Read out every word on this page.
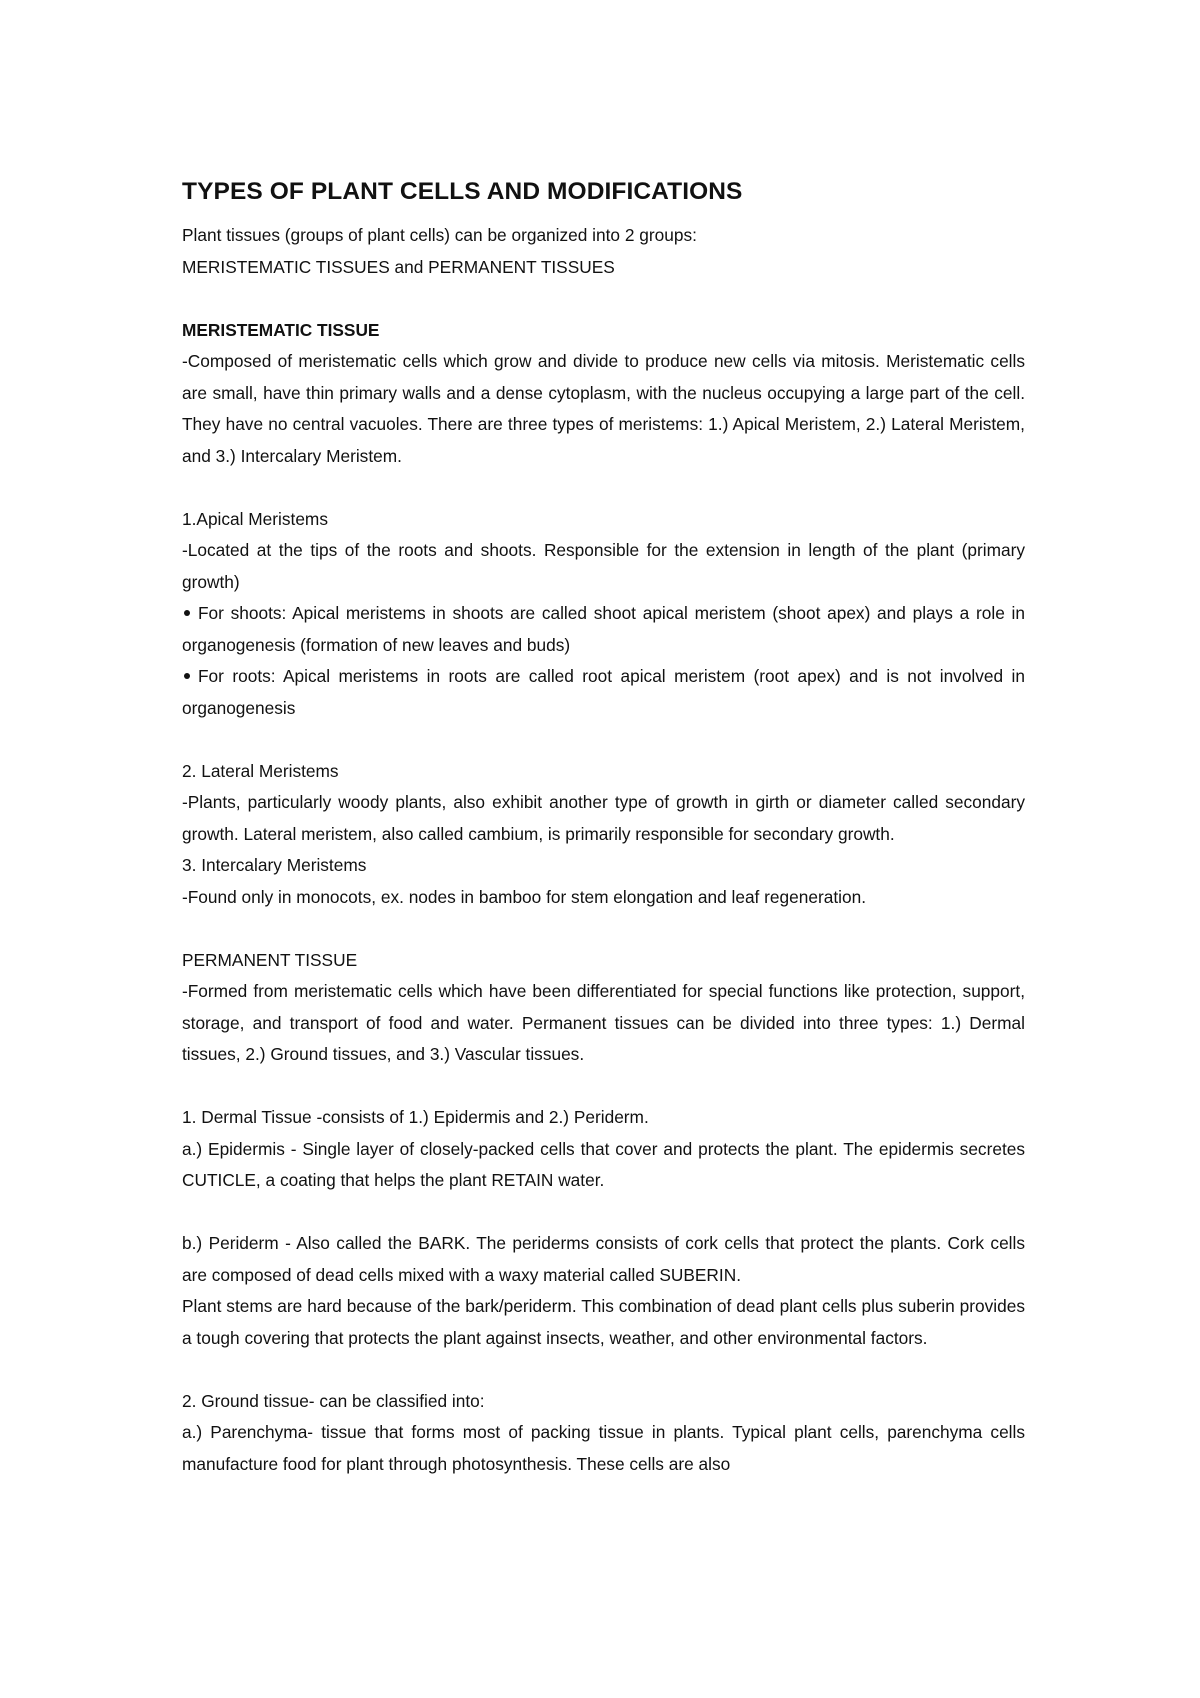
TYPES OF PLANT CELLS AND MODIFICATIONS

Plant tissues (groups of plant cells) can be organized into 2 groups:

MERISTEMATIC TISSUES and PERMANENT TISSUES

MERISTEMATIC TISSUE

-Composed of meristematic cells which grow and divide to produce new cells via mitosis. Meristematic cells are small, have thin primary walls and a dense cytoplasm, with the nucleus occupying a large part of the cell. They have no central vacuoles. There are three types of meristems: 1.) Apical Meristem, 2.) Lateral Meristem, and 3.) Intercalary Meristem.

1.Apical Meristems

-Located at the tips of the roots and shoots. Responsible for the extension in length of the plant (primary growth)

For shoots: Apical meristems in shoots are called shoot apical meristem (shoot apex) and plays a role in organogenesis (formation of new leaves and buds)

For roots: Apical meristems in roots are called root apical meristem (root apex) and is not involved in organogenesis

2. Lateral Meristems

-Plants, particularly woody plants, also exhibit another type of growth in girth or diameter called secondary growth. Lateral meristem, also called cambium, is primarily responsible for secondary growth.

3. Intercalary Meristems

-Found only in monocots, ex. nodes in bamboo for stem elongation and leaf regeneration.

PERMANENT TISSUE

-Formed from meristematic cells which have been differentiated for special functions like protection, support, storage, and transport of food and water. Permanent tissues can be divided into three types: 1.) Dermal tissues, 2.) Ground tissues, and 3.) Vascular tissues.

1. Dermal Tissue -consists of 1.) Epidermis and 2.) Periderm.

a.) Epidermis - Single layer of closely-packed cells that cover and protects the plant. The epidermis secretes CUTICLE, a coating that helps the plant RETAIN water.

b.) Periderm - Also called the BARK. The periderms consists of cork cells that protect the plants. Cork cells are composed of dead cells mixed with a waxy material called SUBERIN.

Plant stems are hard because of the bark/periderm. This combination of dead plant cells plus suberin provides a tough covering that protects the plant against insects, weather, and other environmental factors.

2. Ground tissue- can be classified into:

a.) Parenchyma- tissue that forms most of packing tissue in plants. Typical plant cells, parenchyma cells manufacture food for plant through photosynthesis. These cells are also
